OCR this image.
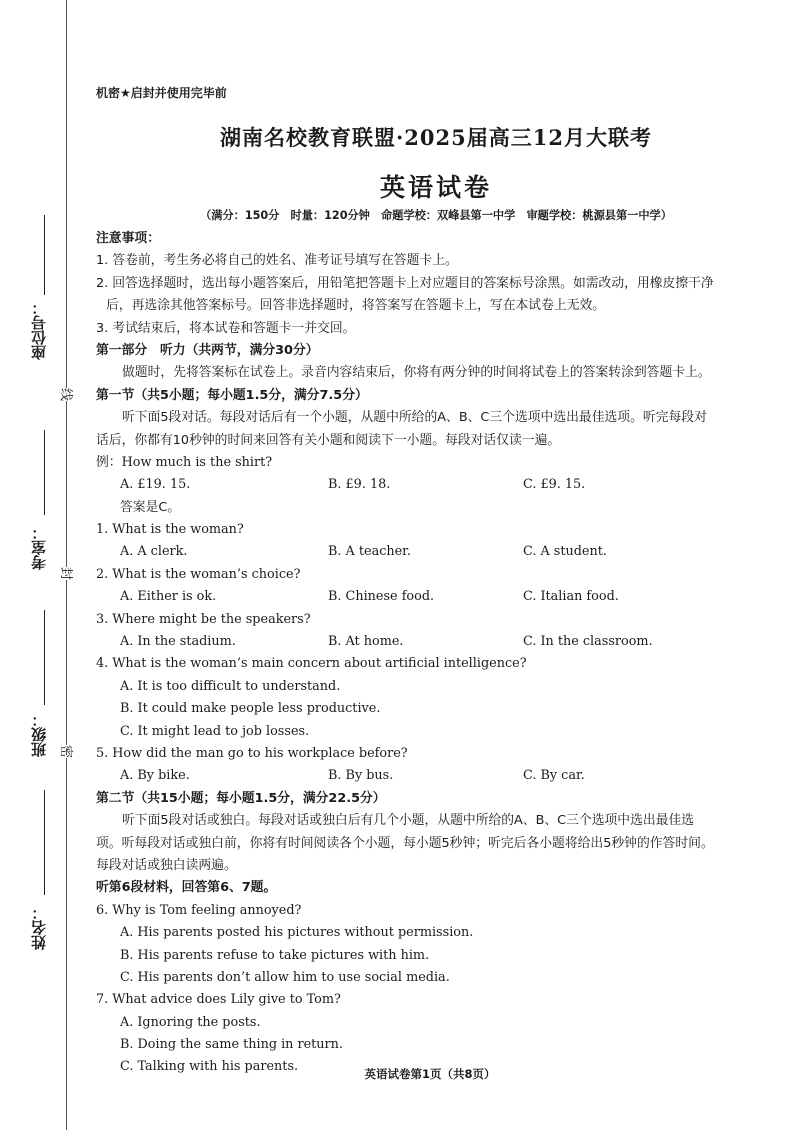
座位号：
考室：
班级：
姓名：
线
封
密
机密★启封并使用完毕前
湖南名校教育联盟·2025届高三12月大联考
英语试卷
（满分：150分　时量：120分钟　命题学校：双峰县第一中学　审题学校：桃源县第一中学）
注意事项：
1. 答卷前，考生务必将自己的姓名、准考证号填写在答题卡上。
2. 回答选择题时，选出每小题答案后，用铅笔把答题卡上对应题目的答案标号涂黑。如需改动，用橡皮擦干净
后，再选涂其他答案标号。回答非选择题时，将答案写在答题卡上，写在本试卷上无效。
3. 考试结束后，将本试卷和答题卡一并交回。
第一部分　听力（共两节，满分30分）
做题时，先将答案标在试卷上。录音内容结束后，你将有两分钟的时间将试卷上的答案转涂到答题卡上。
第一节（共5小题；每小题1.5分，满分7.5分）
听下面5段对话。每段对话后有一个小题，从题中所给的A、B、C三个选项中选出最佳选项。听完每段对
话后，你都有10秒钟的时间来回答有关小题和阅读下一小题。每段对话仅读一遍。
例：How much is the shirt?
A. £19. 15.	B. £9. 18.	C. £9. 15.
答案是C。
1. What is the woman?
A. A clerk.	B. A teacher.	C. A student.
2. What is the woman’s choice?
A. Either is ok.	B. Chinese food.	C. Italian food.
3. Where might be the speakers?
A. In the stadium.	B. At home.	C. In the classroom.
4. What is the woman’s main concern about artificial intelligence?
A. It is too difficult to understand.
B. It could make people less productive.
C. It might lead to job losses.
5. How did the man go to his workplace before?
A. By bike.	B. By bus.	C. By car.
第二节（共15小题；每小题1.5分，满分22.5分）
听下面5段对话或独白。每段对话或独白后有几个小题，从题中所给的A、B、C三个选项中选出最佳选
项。听每段对话或独白前，你将有时间阅读各个小题，每小题5秒钟；听完后各小题将给出5秒钟的作答时间。
每段对话或独白读两遍。
听第6段材料，回答第6、7题。
6. Why is Tom feeling annoyed?
A. His parents posted his pictures without permission.
B. His parents refuse to take pictures with him.
C. His parents don’t allow him to use social media.
7. What advice does Lily give to Tom?
A. Ignoring the posts.
B. Doing the same thing in return.
C. Talking with his parents.	英语试卷第1页（共8页）
